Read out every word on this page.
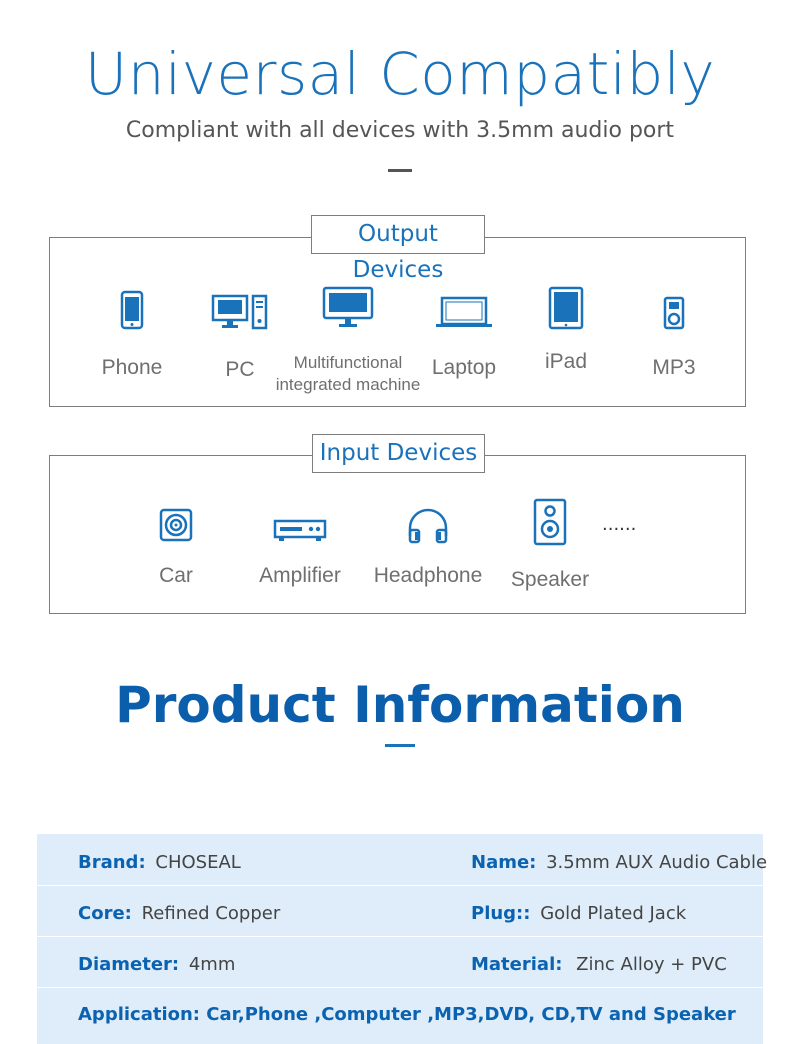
Universal Compatibly
Compliant with all devices with 3.5mm audio port
Output Devices
Phone	PC	Multifunctional
integrated machine
Laptop	iPad	MP3
Input Devices
Car	Amplifier	Headphone	Speaker
......
Product Information
Brand: CHOSEAL	Name: 3.5mm AUX Audio Cable
Core: Refined Copper	Plug:: Gold Plated Jack
Diameter: 4mm	Material: Zinc Alloy + PVC
Application: Car,Phone ,Computer ,MP3,DVD, CD,TV and Speaker
